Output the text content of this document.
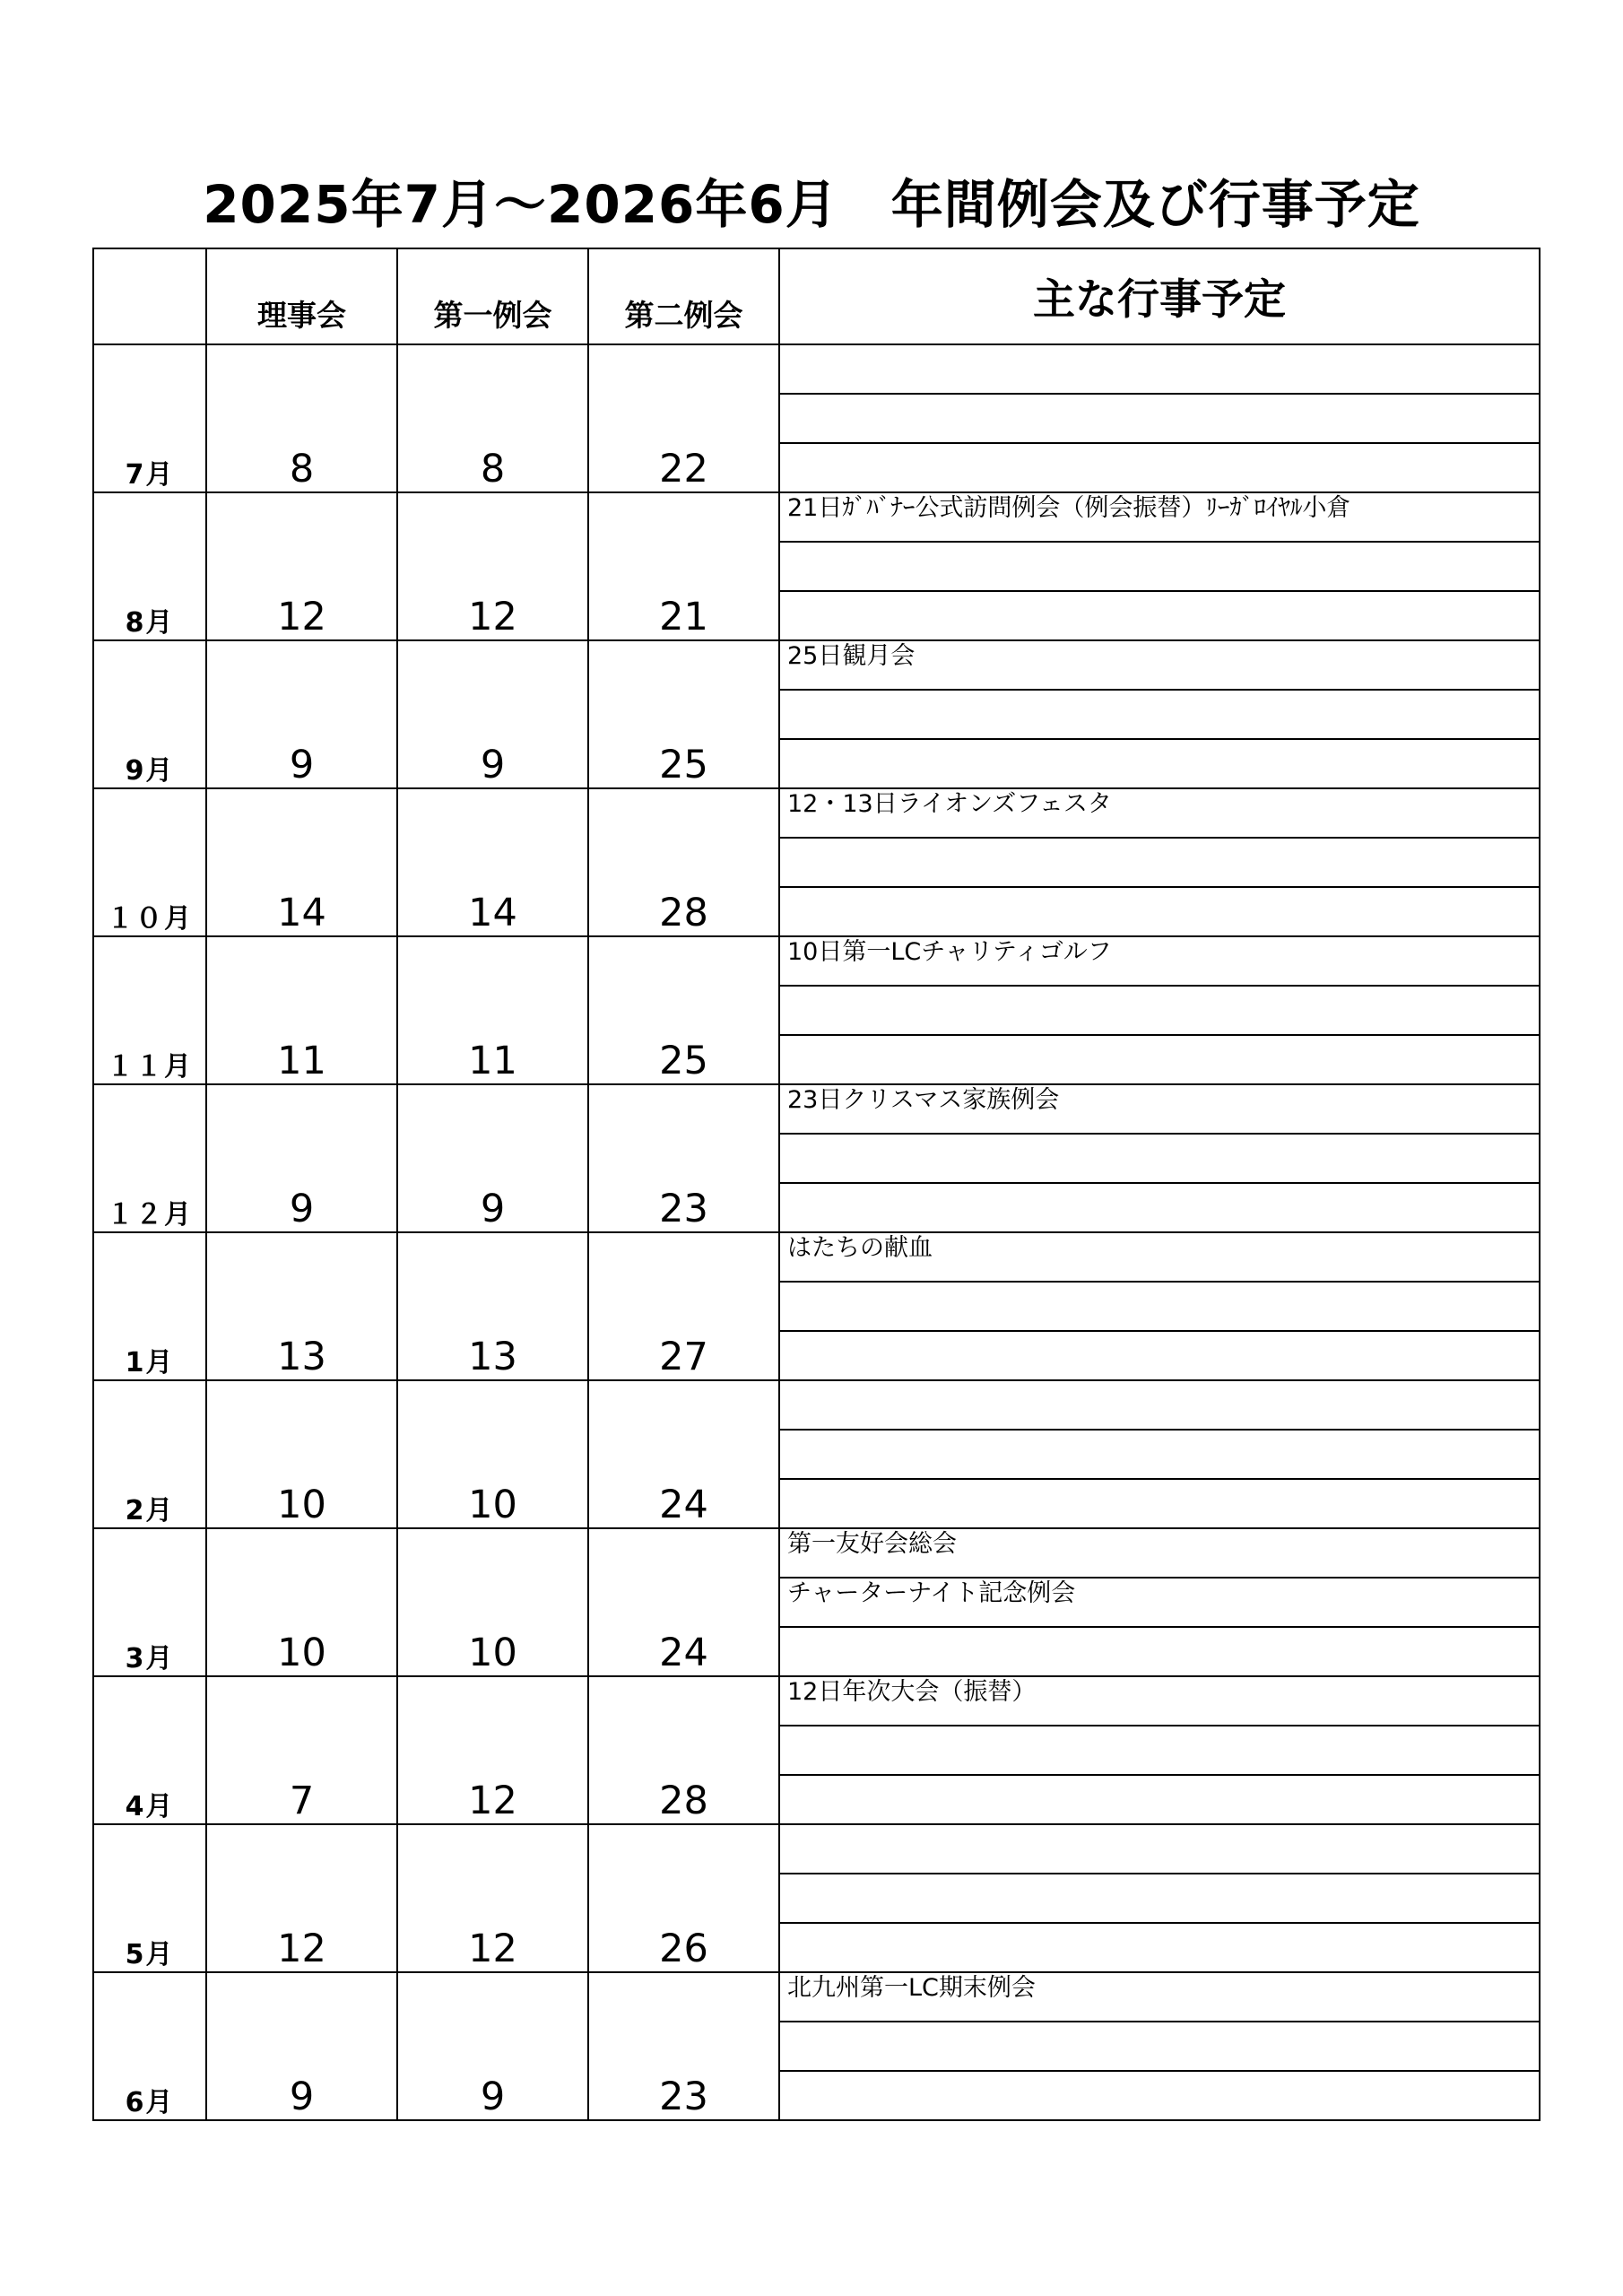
2025年7月～2026年6月　年間例会及び行事予定
	理事会	第一例会	第二例会	主な行事予定
7月	8	8	22	

8月	12	12	21	21日ｶﾞﾊﾞﾅｰ公式訪問例会（例会振替）ﾘｰｶﾞﾛｲﾔﾙ小倉

9月	9	9	25	25日観月会

１０月	14	14	28	12・13日ライオンズフェスタ

１１月	11	11	25	10日第一LCチャリティゴルフ

１２月	9	9	23	23日クリスマス家族例会

1月	13	13	27	はたちの献血

2月	10	10	24	

3月	10	10	24	第一友好会総会
チャーターナイト記念例会

4月	7	12	28	12日年次大会（振替）

5月	12	12	26	

6月	9	9	23	北九州第一LC期末例会
